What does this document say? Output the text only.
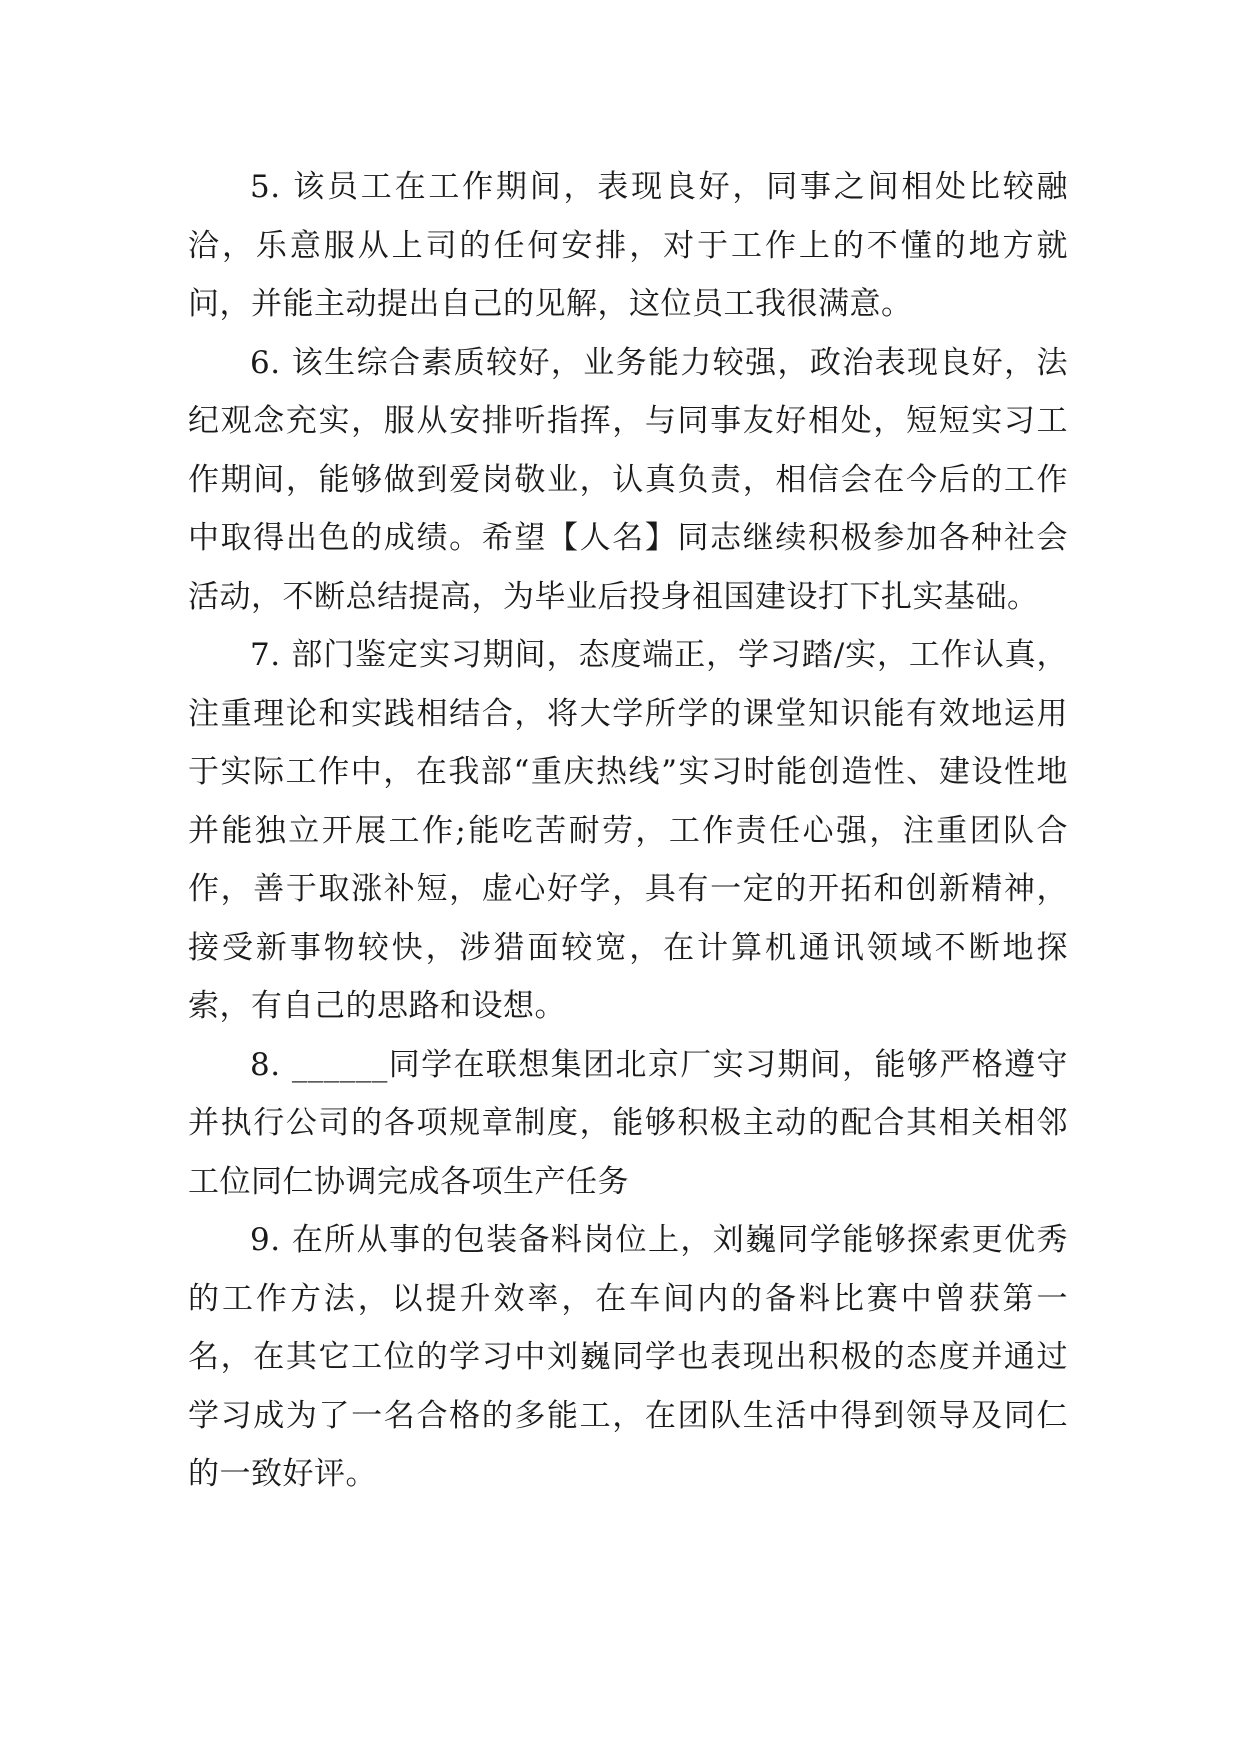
5. 该员工在工作期间，表现良好，同事之间相处比较融洽，乐意服从上司的任何安排，对于工作上的不懂的地方就问，并能主动提出自己的见解，这位员工我很满意。

6. 该生综合素质较好，业务能力较强，政治表现良好，法纪观念充实，服从安排听指挥，与同事友好相处，短短实习工作期间，能够做到爱岗敬业，认真负责，相信会在今后的工作中取得出色的成绩。希望【人名】同志继续积极参加各种社会活动，不断总结提高，为毕业后投身祖国建设打下扎实基础。

7. 部门鉴定实习期间，态度端正，学习踏/实，工作认真，注重理论和实践相结合，将大学所学的课堂知识能有效地运用于实际工作中，在我部“重庆热线”实习时能创造性、建设性地并能独立开展工作;能吃苦耐劳，工作责任心强，注重团队合作，善于取涨补短，虚心好学，具有一定的开拓和创新精神，接受新事物较快，涉猎面较宽，在计算机通讯领域不断地探索，有自己的思路和设想。

8. ______同学在联想集团北京厂实习期间，能够严格遵守并执行公司的各项规章制度，能够积极主动的配合其相关相邻工位同仁协调完成各项生产任务

9. 在所从事的包装备料岗位上，刘巍同学能够探索更优秀的工作方法，以提升效率，在车间内的备料比赛中曾获第一名，在其它工位的学习中刘巍同学也表现出积极的态度并通过学习成为了一名合格的多能工，在团队生活中得到领导及同仁的一致好评。
